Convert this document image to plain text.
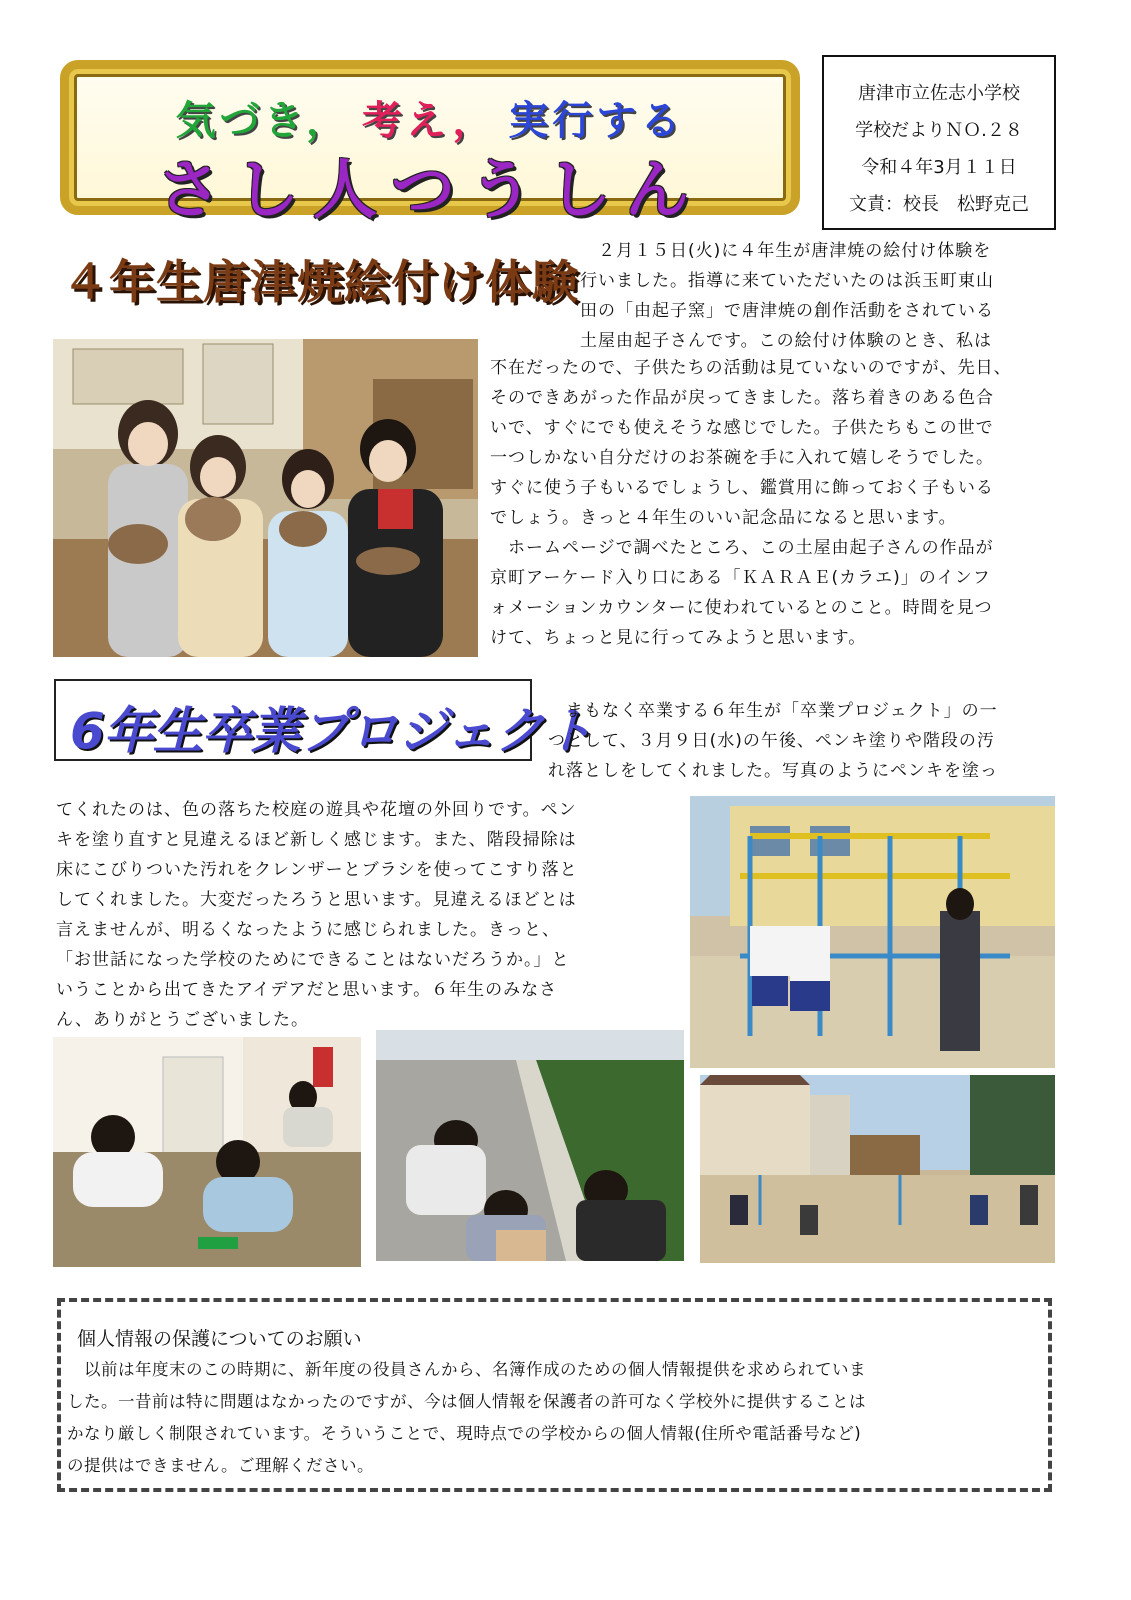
気づき， 考え， 実行する
さし人つうしん
唐津市立佐志小学校
学校だよりＮＯ.２８
令和４年3月１１日
文責：校長　松野克己
４年生唐津焼絵付け体験
　２月１５日(火)に４年生が唐津焼の絵付け体験を
行いました。指導に来ていただいたのは浜玉町東山
田の「由起子窯」で唐津焼の創作活動をされている
土屋由起子さんです。この絵付け体験のとき、私は
不在だったので、子供たちの活動は見ていないのですが、先日、
そのできあがった作品が戻ってきました。落ち着きのある色合
いで、すぐにでも使えそうな感じでした。子供たちもこの世で
一つしかない自分だけのお茶碗を手に入れて嬉しそうでした。
すぐに使う子もいるでしょうし、鑑賞用に飾っておく子もいる
でしょう。きっと４年生のいい記念品になると思います。
　ホームページで調べたところ、この土屋由起子さんの作品が
京町アーケード入り口にある「ＫＡＲＡＥ(カラエ)」のインフ
ォメーションカウンターに使われているとのこと。時間を見つ
けて、ちょっと見に行ってみようと思います。
6年生卒業プロジェクト
　まもなく卒業する６年生が「卒業プロジェクト」の一
つとして、３月９日(水)の午後、ペンキ塗りや階段の汚
れ落としをしてくれました。写真のようにペンキを塗っ
てくれたのは、色の落ちた校庭の遊具や花壇の外回りです。ペン
キを塗り直すと見違えるほど新しく感じます。また、階段掃除は
床にこびりついた汚れをクレンザーとブラシを使ってこすり落と
してくれました。大変だったろうと思います。見違えるほどとは
言えませんが、明るくなったように感じられました。きっと、
「お世話になった学校のためにできることはないだろうか。」と
いうことから出てきたアイデアだと思います。６年生のみなさ
ん、ありがとうございました。
個人情報の保護についてのお願い
　以前は年度末のこの時期に、新年度の役員さんから、名簿作成のための個人情報提供を求められていま
した。一昔前は特に問題はなかったのですが、今は個人情報を保護者の許可なく学校外に提供することは
かなり厳しく制限されています。そういうことで、現時点での学校からの個人情報(住所や電話番号など)
の提供はできません。ご理解ください。
